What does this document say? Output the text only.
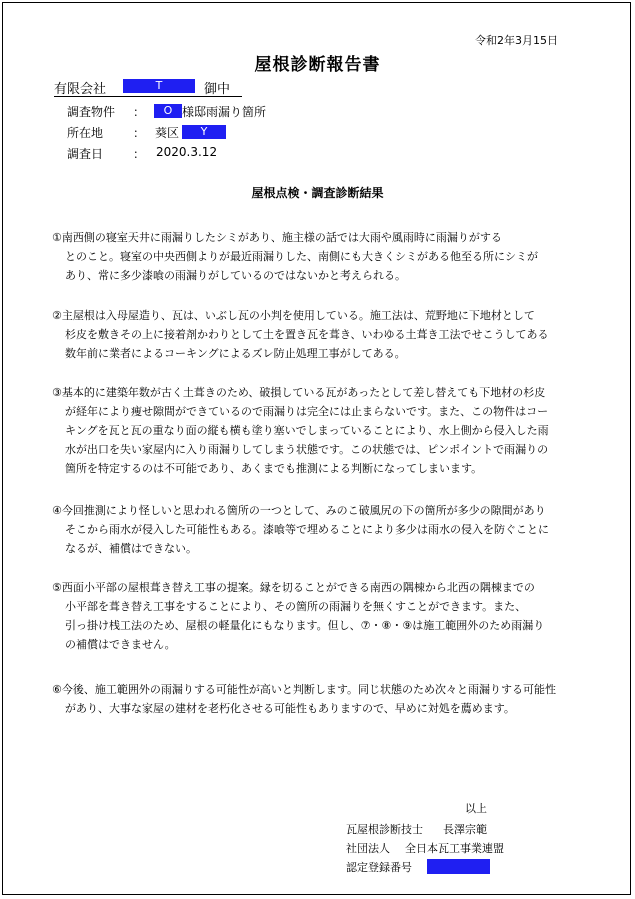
令和2年3月15日
屋根診断報告書
有限会社	T	御中
調査物件 ：	O 様邸雨漏り箇所
所在地 ： 葵区	Y
調査日 ： 2020.3.12
屋根点検・調査診断結果
①南西側の寝室天井に雨漏りしたシミがあり、施主様の話では大雨や風雨時に雨漏りがする
とのこと。寝室の中央西側よりが最近雨漏りした、南側にも大きくシミがある他至る所にシミが
あり、常に多少漆喰の雨漏りがしているのではないかと考えられる。
②主屋根は入母屋造り、瓦は、いぶし瓦の小判を使用している。施工法は、荒野地に下地材として
杉皮を敷きその上に接着剤かわりとして土を置き瓦を葺き、いわゆる土葺き工法でせこうしてある
数年前に業者によるコーキングによるズレ防止処理工事がしてある。
③基本的に建築年数が古く土葺きのため、破損している瓦があったとして差し替えても下地材の杉皮
が経年により痩せ隙間ができているので雨漏りは完全には止まらないです。また、この物件はコー
キングを瓦と瓦の重なり面の縦も横も塗り塞いでしまっていることにより、水上側から侵入した雨
水が出口を失い家屋内に入り雨漏りしてしまう状態です。この状態では、ピンポイントで雨漏りの
箇所を特定するのは不可能であり、あくまでも推測による判断になってしまいます。
④今回推測により怪しいと思われる箇所の一つとして、みのこ破風尻の下の箇所が多少の隙間があり
そこから雨水が侵入した可能性もある。漆喰等で埋めることにより多少は雨水の侵入を防ぐことに
なるが、補償はできない。
⑤西面小平部の屋根葺き替え工事の提案。縁を切ることができる南西の隅棟から北西の隅棟までの
小平部を葺き替え工事をすることにより、その箇所の雨漏りを無くすことができます。また、
引っ掛け桟工法のため、屋根の軽量化にもなります。但し、⑦・⑧・⑨は施工範囲外のため雨漏り
の補償はできません。
⑥今後、施工範囲外の雨漏りする可能性が高いと判断します。同じ状態のため次々と雨漏りする可能性
があり、大事な家屋の建材を老朽化させる可能性もありますので、早めに対処を薦めます。
以上
瓦屋根診断技士 長澤宗範
社団法人 全日本瓦工事業連盟
認定登録番号
